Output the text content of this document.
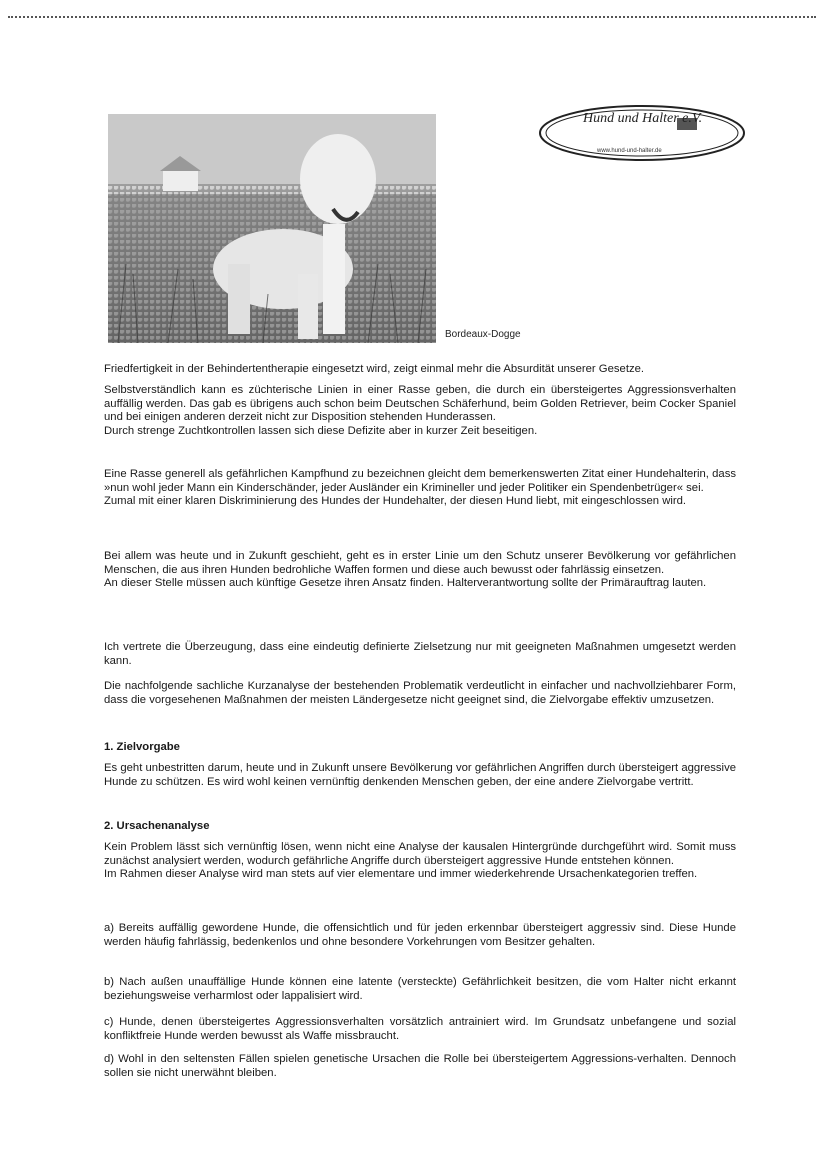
Bordeaux-Dogge
Hund und Halter e.V.
www.hund-und-halter.de
Friedfertigkeit in der Behindertentherapie eingesetzt wird, zeigt einmal mehr die Absurdität unserer Gesetze.

Selbstverständlich kann es züchterische Linien in einer Rasse geben, die durch ein übersteigertes Aggressionsverhalten auffällig werden. Das gab es übrigens auch schon beim Deutschen Schäferhund, beim Golden Retriever, beim Cocker Spaniel und bei einigen anderen derzeit nicht zur Disposition stehenden Hunderassen.

Durch strenge Zuchtkontrollen lassen sich diese Defizite aber in kurzer Zeit beseitigen.

Eine Rasse generell als gefährlichen Kampfhund zu bezeichnen gleicht dem bemerkenswerten Zitat einer Hundehalterin, dass »nun wohl jeder Mann ein Kinderschänder, jeder Ausländer ein Krimineller und jeder Politiker ein Spendenbetrüger« sei.

Zumal mit einer klaren Diskriminierung des Hundes der Hundehalter, der diesen Hund liebt, mit eingeschlossen wird.

Bei allem was heute und in Zukunft geschieht, geht es in erster Linie um den Schutz unserer Bevölkerung vor gefährlichen Menschen, die aus ihren Hunden bedrohliche Waffen formen und diese auch bewusst oder fahrlässig einsetzen.

An dieser Stelle müssen auch künftige Gesetze ihren Ansatz finden. Halterverantwortung sollte der Primärauftrag lauten.

Ich vertrete die Überzeugung, dass eine eindeutig definierte Zielsetzung nur mit geeigneten Maßnahmen umgesetzt werden kann.
Die nachfolgende sachliche Kurzanalyse der bestehenden Problematik verdeutlicht in einfacher und nachvollziehbarer Form, dass die vorgesehenen Maßnahmen der meisten Ländergesetze nicht geeignet sind, die Zielvorgabe effektiv umzusetzen.
1. Zielvorgabe
Es geht unbestritten darum, heute und in Zukunft unsere Bevölkerung vor gefährlichen Angriffen durch übersteigert aggressive Hunde zu schützen. Es wird wohl keinen vernünftig denkenden Menschen geben, der eine andere Zielvorgabe vertritt.
2. Ursachenanalyse

Kein Problem lässt sich vernünftig lösen, wenn nicht eine Analyse der kausalen Hintergründe durchgeführt wird. Somit muss zunächst analysiert werden, wodurch gefährliche Angriffe durch übersteigert aggressive Hunde entstehen können.

Im Rahmen dieser Analyse wird man stets auf vier elementare und immer wiederkehrende Ursachenkategorien treffen.

a) Bereits auffällig gewordene Hunde, die offensichtlich und für jeden erkennbar übersteigert aggressiv sind. Diese Hunde werden häufig fahrlässig, bedenkenlos und ohne besondere Vorkehrungen vom Besitzer gehalten.
b) Nach außen unauffällige Hunde können eine latente (versteckte) Gefährlichkeit besitzen, die vom Halter nicht erkannt beziehungsweise verharmlost oder lappalisiert wird.
c) Hunde, denen übersteigertes Aggressionsverhalten vorsätzlich antrainiert wird. Im Grundsatz unbefangene und sozial konfliktfreie Hunde werden bewusst als Waffe missbraucht.
d) Wohl in den seltensten Fällen spielen genetische Ursachen die Rolle bei übersteigertem Aggressions-verhalten. Dennoch sollen sie nicht unerwähnt bleiben.
